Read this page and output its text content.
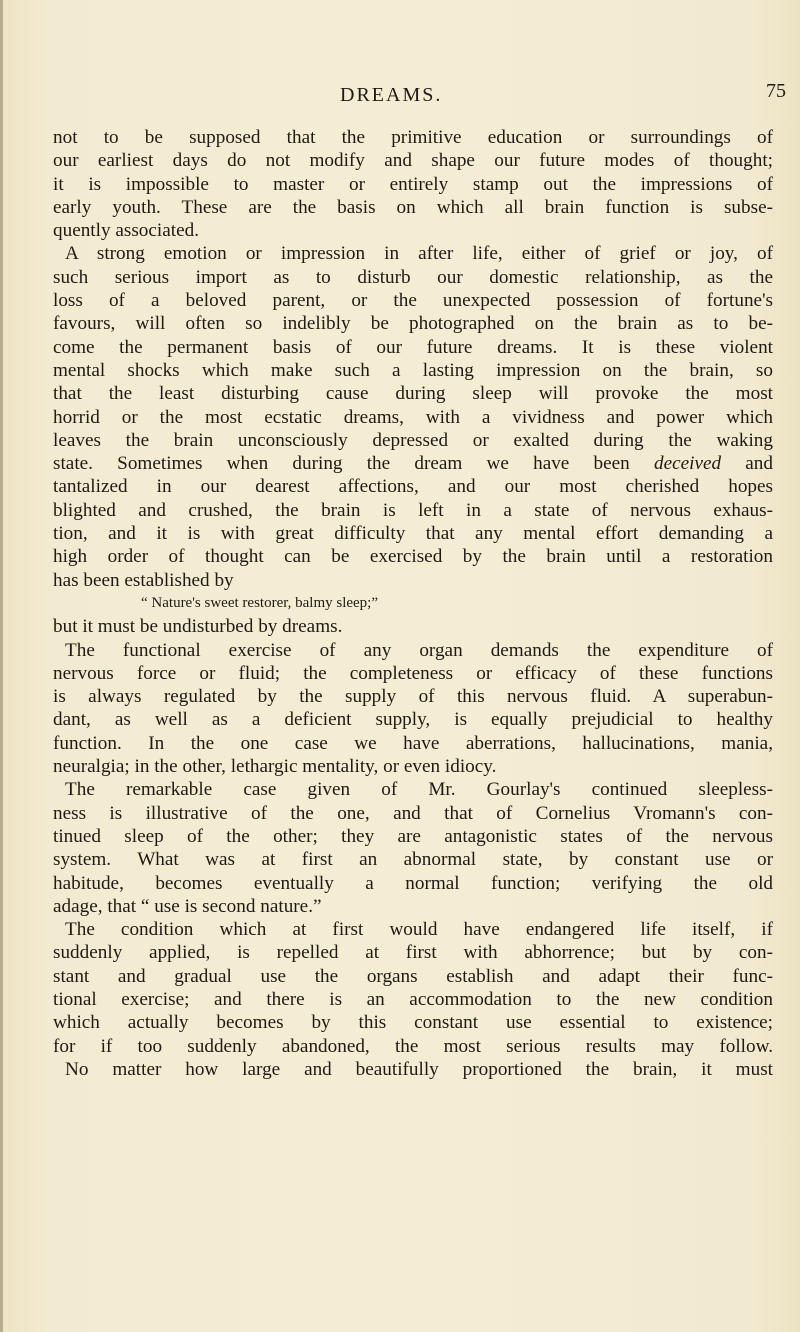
DREAMS.	75
not to be supposed that the primitive education or surroundings of
our earliest days do not modify and shape our future modes of thought;
it is impossible to master or entirely stamp out the impressions of
early youth. These are the basis on which all brain function is subse-
quently associated.
A strong emotion or impression in after life, either of grief or joy, of
such serious import as to disturb our domestic relationship, as the
loss of a beloved parent, or the unexpected possession of fortune's
favours, will often so indelibly be photographed on the brain as to be-
come the permanent basis of our future dreams. It is these violent
mental shocks which make such a lasting impression on the brain, so
that the least disturbing cause during sleep will provoke the most
horrid or the most ecstatic dreams, with a vividness and power which
leaves the brain unconsciously depressed or exalted during the waking
state. Sometimes when during the dream we have been deceived and
tantalized in our dearest affections, and our most cherished hopes
blighted and crushed, the brain is left in a state of nervous exhaus-
tion, and it is with great difficulty that any mental effort demanding a
high order of thought can be exercised by the brain until a restoration
has been established by
“ Nature's sweet restorer, balmy sleep;”
but it must be undisturbed by dreams.
The functional exercise of any organ demands the expenditure of
nervous force or fluid; the completeness or efficacy of these functions
is always regulated by the supply of this nervous fluid. A superabun-
dant, as well as a deficient supply, is equally prejudicial to healthy
function. In the one case we have aberrations, hallucinations, mania,
neuralgia; in the other, lethargic mentality, or even idiocy.
The remarkable case given of Mr. Gourlay's continued sleepless-
ness is illustrative of the one, and that of Cornelius Vromann's con-
tinued sleep of the other; they are antagonistic states of the nervous
system. What was at first an abnormal state, by constant use or
habitude, becomes eventually a normal function; verifying the old
adage, that “ use is second nature.”
The condition which at first would have endangered life itself, if
suddenly applied, is repelled at first with abhorrence; but by con-
stant and gradual use the organs establish and adapt their func-
tional exercise; and there is an accommodation to the new condition
which actually becomes by this constant use essential to existence;
for if too suddenly abandoned, the most serious results may follow.
No matter how large and beautifully proportioned the brain, it must
